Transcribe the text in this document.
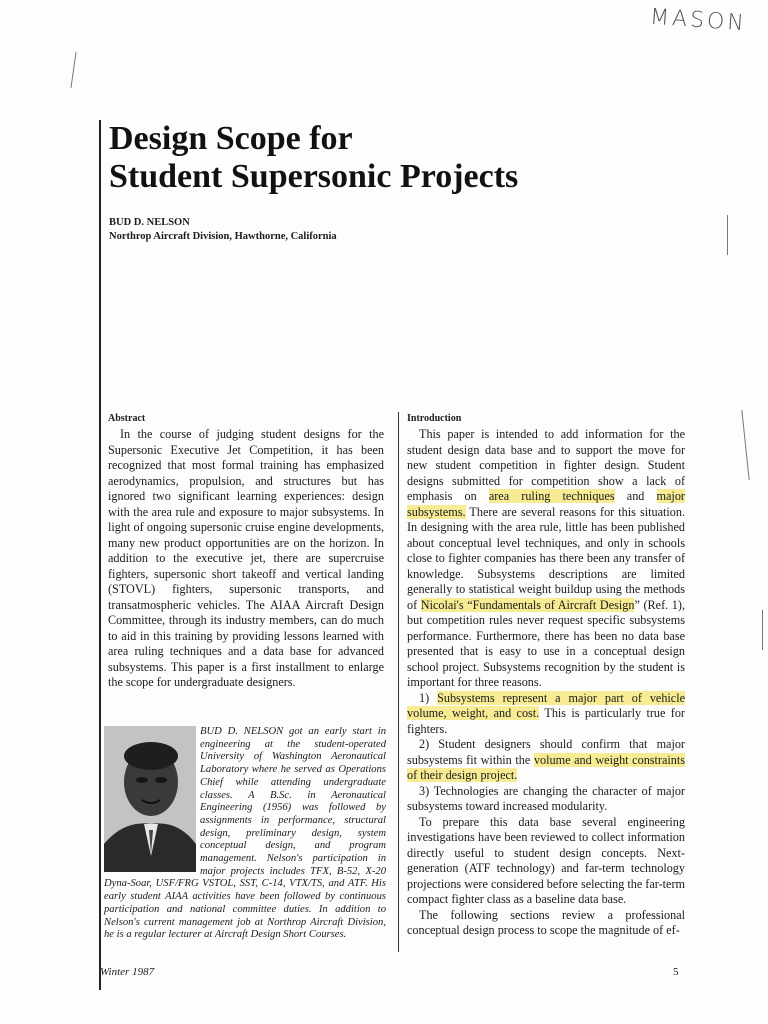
MASON
Design Scope for
Student Supersonic Projects
BUD D. NELSON
Northrop Aircraft Division, Hawthorne, California
Abstract

In the course of judging student designs for the Supersonic Executive Jet Competition, it has been recognized that most formal training has emphasized aerodynamics, propulsion, and structures but has ignored two significant learning experiences: design with the area rule and exposure to major subsystems. In light of ongoing supersonic cruise engine developments, many new product opportunities are on the horizon. In addition to the executive jet, there are supercruise fighters, supersonic short takeoff and vertical landing (STOVL) fighters, supersonic transports, and transatmospheric vehicles. The AIAA Aircraft Design Committee, through its industry members, can do much to aid in this training by providing lessons learned with area ruling techniques and a data base for advanced subsystems. This paper is a first installment to enlarge the scope for undergraduate designers.

BUD D. NELSON got an early start in engineering at the student-operated University of Washington Aeronautical Laboratory where he served as Operations Chief while attending undergraduate classes. A B.Sc. in Aeronautical Engineering (1956) was followed by assignments in performance, structural design, preliminary design, system conceptual design, and program management. Nelson's participation in major projects includes TFX, B-52, X-20 Dyna-Soar, USF/FRG VSTOL, SST, C-14, VTX/TS, and ATF. His early student AIAA activities have been followed by continuous participation and national committee duties. In addition to Nelson's current management job at Northrop Aircraft Division, he is a regular lecturer at Aircraft Design Short Courses.
Introduction

This paper is intended to add information for the student design data base and to support the move for new student competition in fighter design. Student designs submitted for competition show a lack of emphasis on area ruling techniques and major subsystems. There are several reasons for this situation. In designing with the area rule, little has been published about conceptual level techniques, and only in schools close to fighter companies has there been any transfer of knowledge. Subsystems descriptions are limited generally to statistical weight buildup using the methods of Nicolai's “Fundamentals of Aircraft Design” (Ref. 1), but competition rules never request specific subsystems performance. Furthermore, there has been no data base presented that is easy to use in a conceptual design school project. Subsystems recognition by the student is important for three reasons.

1) Subsystems represent a major part of vehicle volume, weight, and cost. This is particularly true for fighters.

2) Student designers should confirm that major subsystems fit within the volume and weight constraints of their design project.

3) Technologies are changing the character of major subsystems toward increased modularity.

To prepare this data base several engineering investigations have been reviewed to collect information directly useful to student design concepts. Next-generation (ATF technology) and far-term technology projections were considered before selecting the far-term compact fighter class as a baseline data base.

The following sections review a professional conceptual design process to scope the magnitude of ef-

Winter 1987	5
